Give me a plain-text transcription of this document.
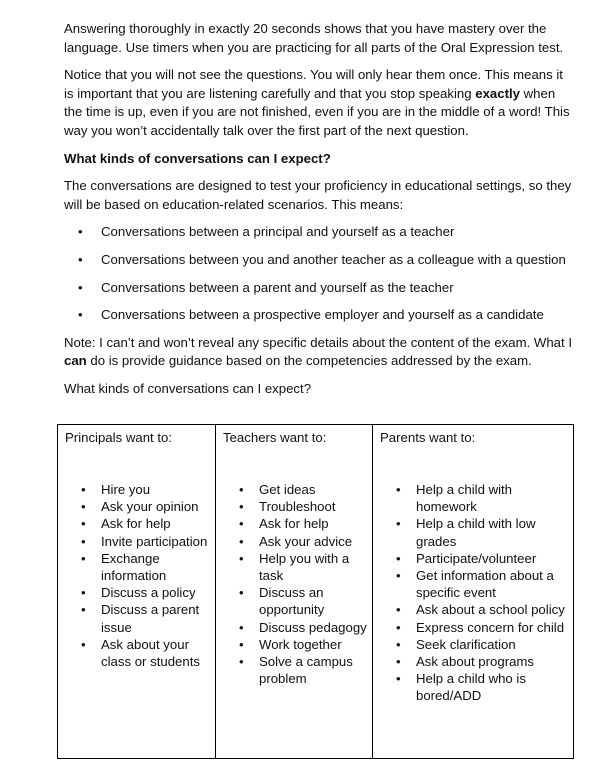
Answering thoroughly in exactly 20 seconds shows that you have mastery over the language. Use timers when you are practicing for all parts of the Oral Expression test.

Notice that you will not see the questions. You will only hear them once. This means it is important that you are listening carefully and that you stop speaking exactly when the time is up, even if you are not finished, even if you are in the middle of a word! This way you won’t accidentally talk over the first part of the next question.

What kinds of conversations can I expect?

The conversations are designed to test your proficiency in educational settings, so they will be based on education-related scenarios. This means:

• Conversations between a principal and yourself as a teacher
• Conversations between you and another teacher as a colleague with a question
• Conversations between a parent and yourself as the teacher
• Conversations between a prospective employer and yourself as a candidate

Note: I can’t and won’t reveal any specific details about the content of the exam. What I can do is provide guidance based on the competencies addressed by the exam.

What kinds of conversations can I expect?

Principals want to:
• Hire you
• Ask your opinion
• Ask for help
• Invite participation
• Exchange information
• Discuss a policy
• Discuss a parent issue
• Ask about your class or students

Teachers want to:
• Get ideas
• Troubleshoot
• Ask for help
• Ask your advice
• Help you with a task
• Discuss an opportunity
• Discuss pedagogy
• Work together
• Solve a campus problem

Parents want to:
• Help a child with homework
• Help a child with low grades
• Participate/volunteer
• Get information about a specific event
• Ask about a school policy
• Express concern for child
• Seek clarification
• Ask about programs
• Help a child who is bored/ADD
